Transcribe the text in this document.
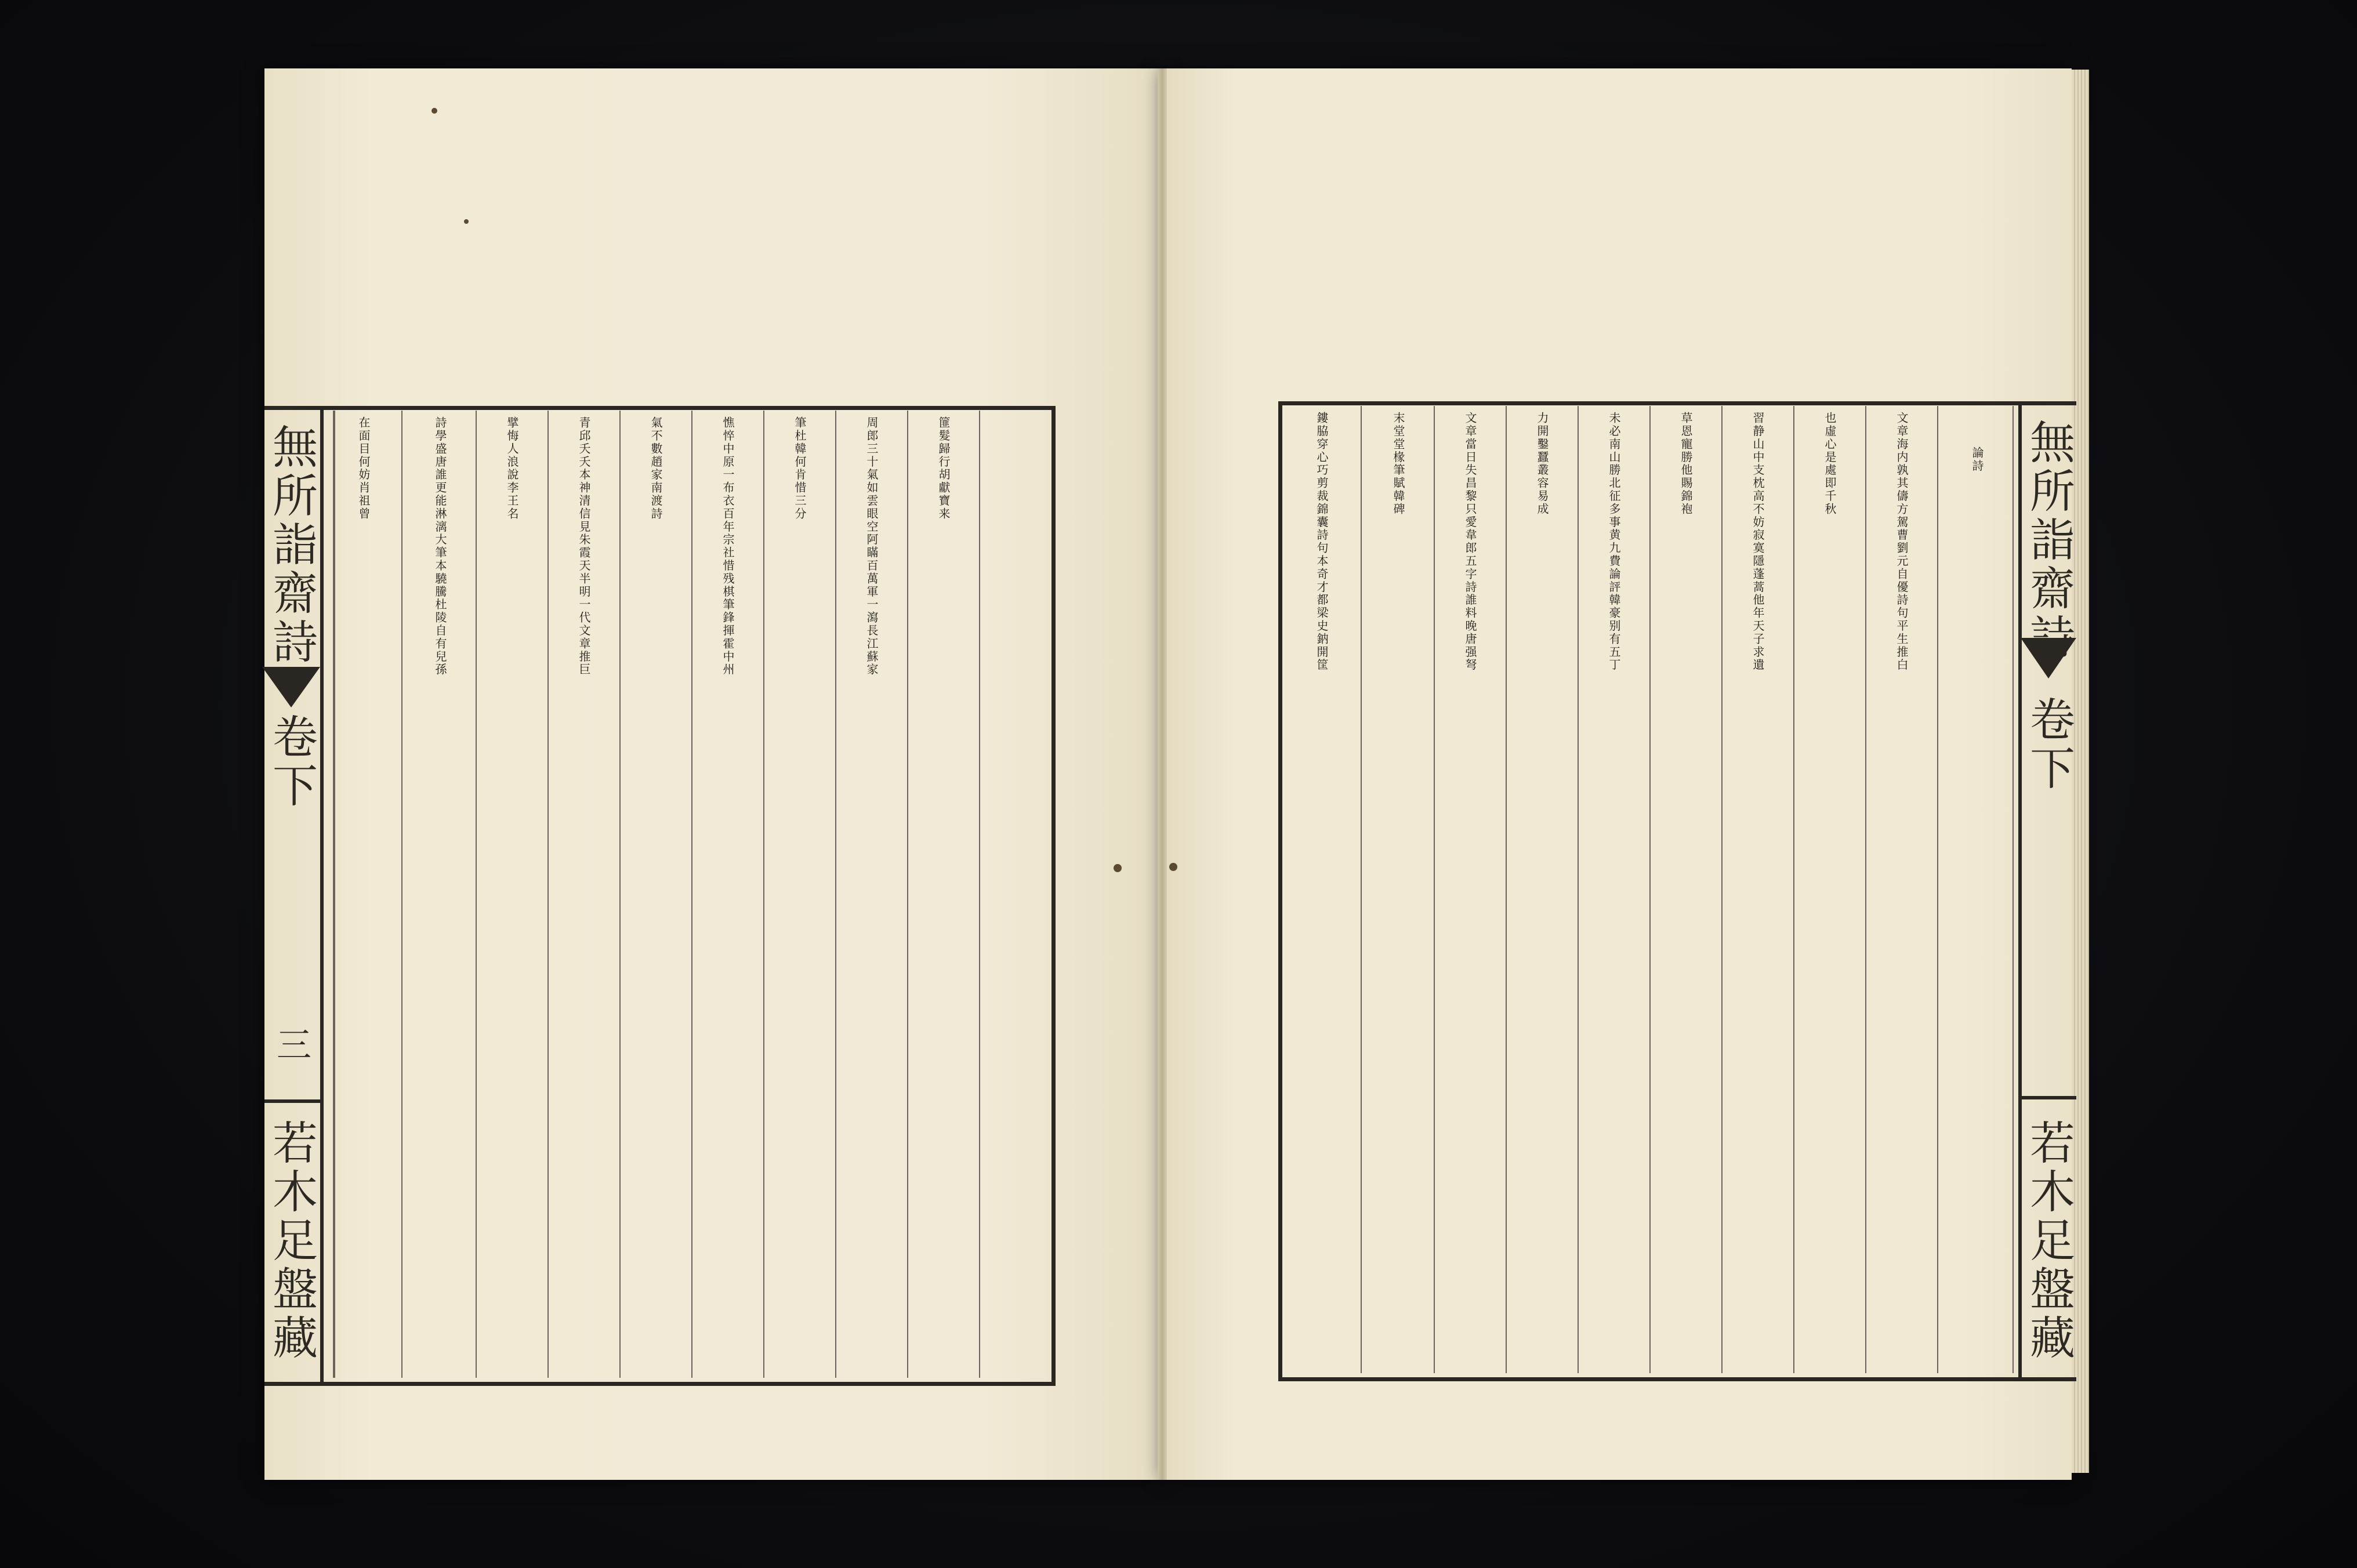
無所詣齋詩
卷下
三
若木足盤藏
篚髮歸行胡獻寶来
周郎三十氣如雲眼空阿瞞百萬軍一瀉長江蘇家
筆杜韓何肯惜三分
憔悴中原一布衣百年宗社惜残棋筆鋒揮霍中州
氣不數趙家南渡詩
青邱夭夭本神清信見朱霞天半明一代文章推巨
擘悔人浪說李王名
詩學盛唐誰更能淋漓大筆本驍騰杜陵自有兒孫
在面目何妨肖祖曾	無所詣齋詩
卷下
若木足盤藏
論詩
文章海内孰其儔方駕曹劉元自優詩句平生推白
也虛心是處即千秋
習静山中支枕高不妨寂寞隱蓬蒿他年天子求遺
草恩寵勝他賜錦袍
未必南山勝北征多事黄九費論評韓豪别有五丁
力開鑿蠶叢容易成
文章當日失昌黎只愛韋郎五字詩誰料晚唐强弩
末堂堂椽筆賦韓碑
鏤脇穿心巧剪裁錦囊詩句本奇才都梁史鈉開筐
